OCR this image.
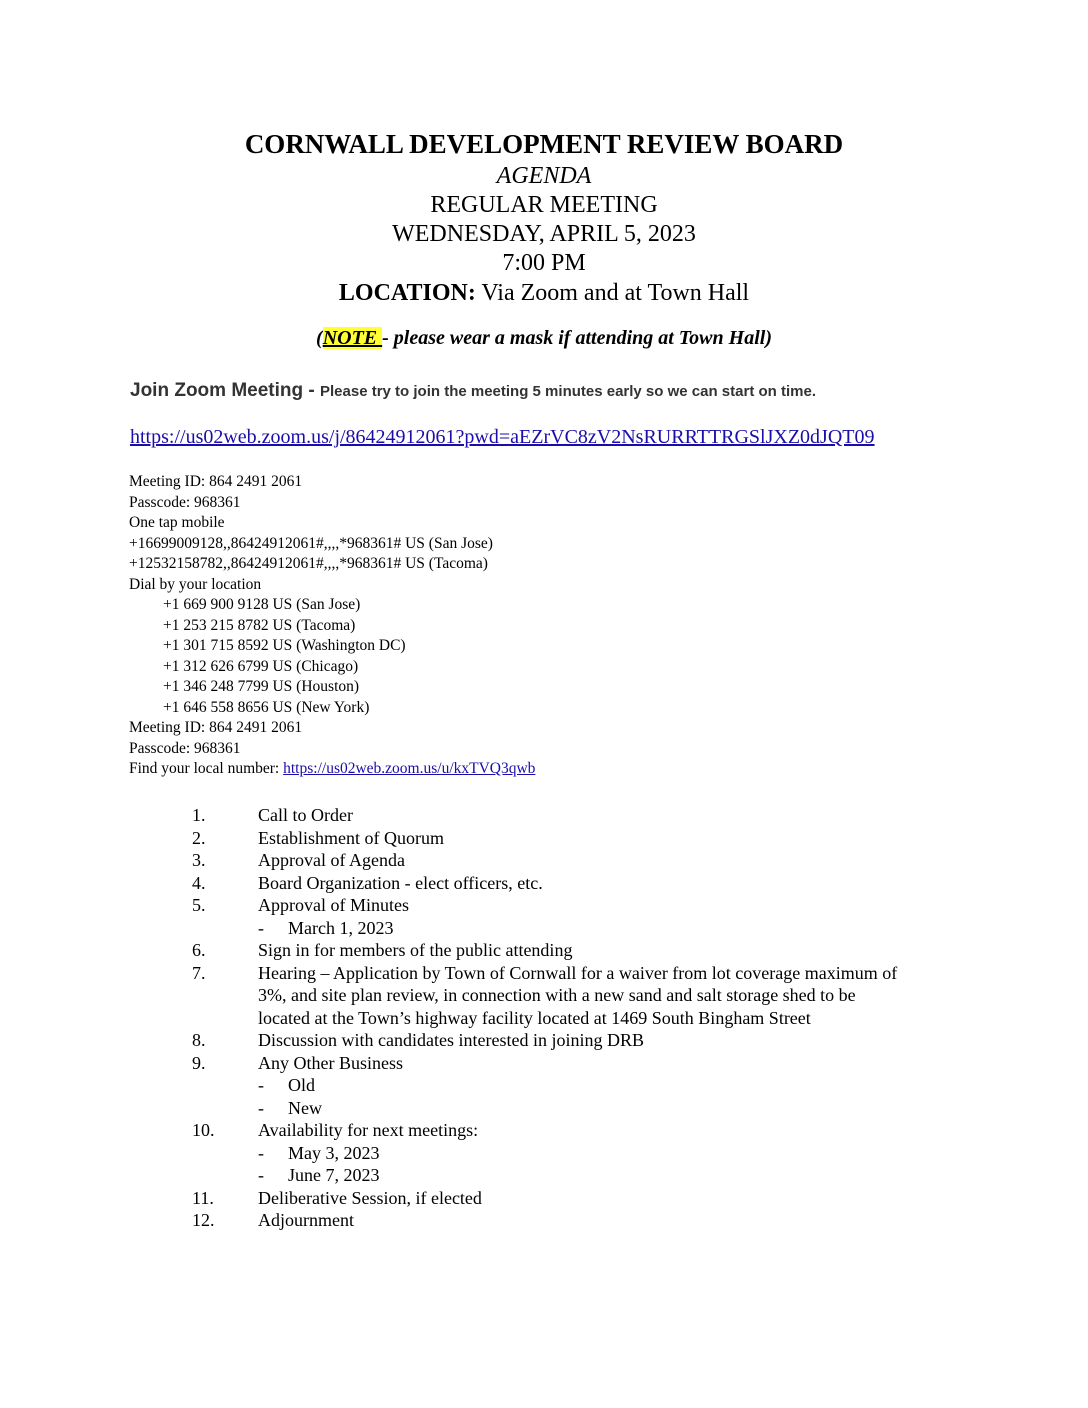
CORNWALL DEVELOPMENT REVIEW BOARD
AGENDA
REGULAR MEETING
WEDNESDAY, APRIL 5, 2023
7:00 PM
LOCATION: Via Zoom and at Town Hall
(NOTE - please wear a mask if attending at Town Hall)
Join Zoom Meeting - Please try to join the meeting 5 minutes early so we can start on time.
https://us02web.zoom.us/j/86424912061?pwd=aEZrVC8zV2NsRURRTTRGSlJXZ0dJQT09
Meeting ID: 864 2491 2061
Passcode: 968361
One tap mobile
+16699009128,,86424912061#,,,,*968361# US (San Jose)
+12532158782,,86424912061#,,,,*968361# US (Tacoma)
Dial by your location
+1 669 900 9128 US (San Jose)
+1 253 215 8782 US (Tacoma)
+1 301 715 8592 US (Washington DC)
+1 312 626 6799 US (Chicago)
+1 346 248 7799 US (Houston)
+1 646 558 8656 US (New York)
Meeting ID: 864 2491 2061
Passcode: 968361
Find your local number: https://us02web.zoom.us/u/kxTVQ3qwb
1.	Call to Order
2.	Establishment of Quorum
3.	Approval of Agenda
4.	Board Organization - elect officers, etc.
5.	Approval of Minutes
- March 1, 2023
6.	Sign in for members of the public attending
7.	Hearing – Application by Town of Cornwall for a waiver from lot coverage maximum of
3%, and site plan review, in connection with a new sand and salt storage shed to be
located at the Town’s highway facility located at 1469 South Bingham Street
8.	Discussion with candidates interested in joining DRB
9.	Any Other Business
- Old
- New
10.	Availability for next meetings:
- May 3, 2023
- June 7, 2023
11.	Deliberative Session, if elected
12.	Adjournment
